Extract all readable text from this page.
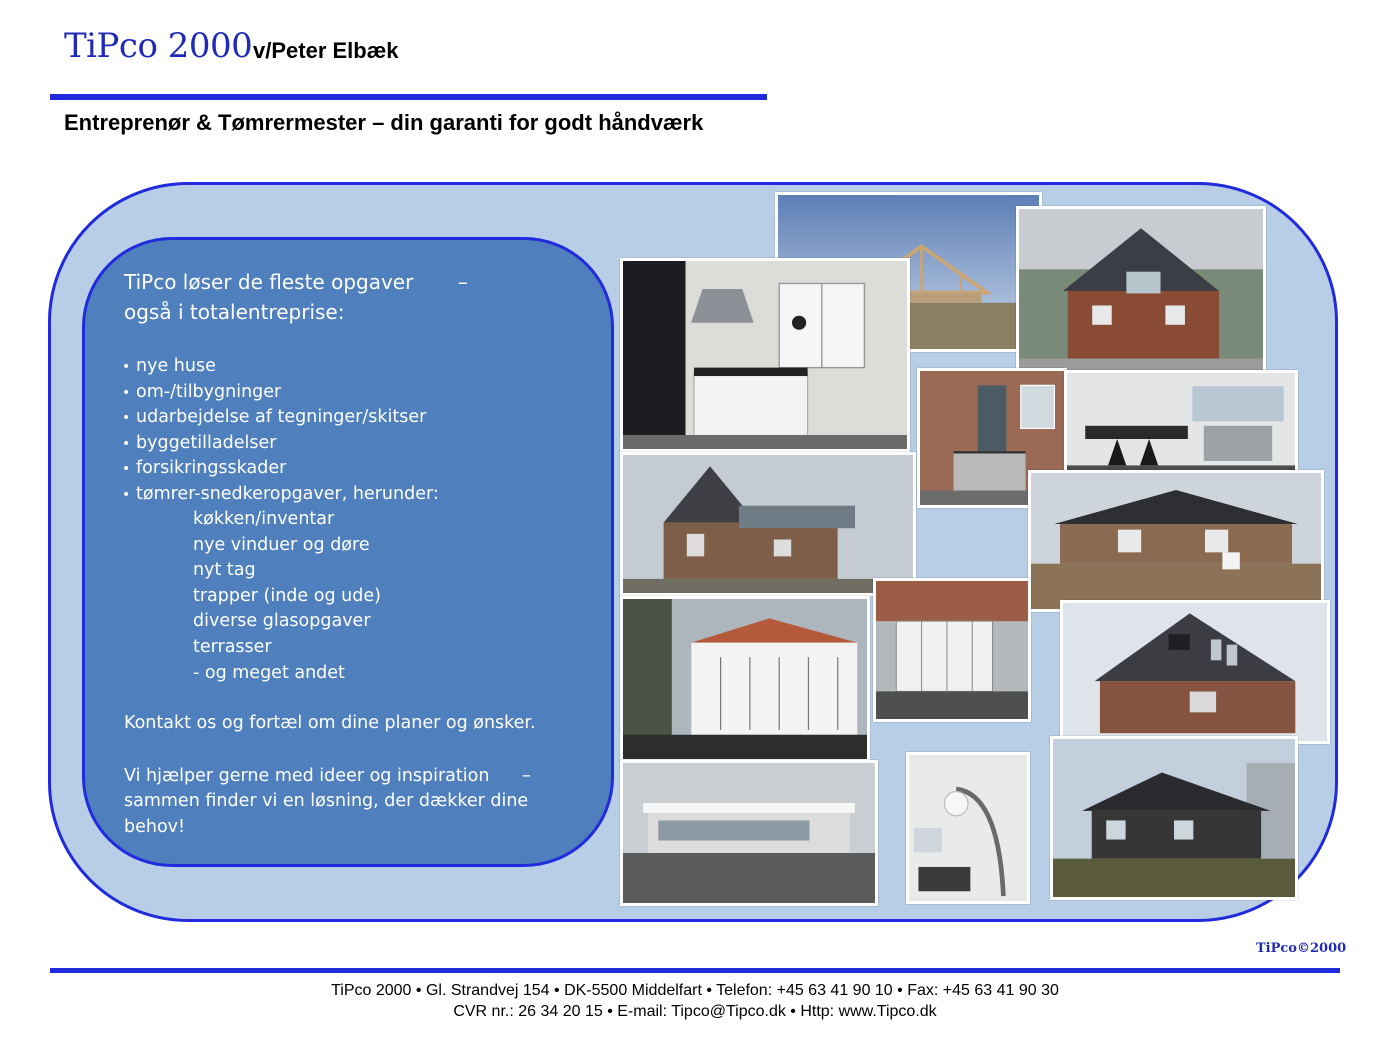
TiPco 2000 v/Peter Elbæk
Entreprenør & Tømrermester – din garanti for godt håndværk
TiPco løser de fleste opgaver –
også i totalentreprise:
• nye huse
• om-/tilbygninger
• udarbejdelse af tegninger/skitser
• byggetilladelser
• forsikringsskader
• tømrer-snedkeropgaver, herunder:
køkken/inventar
nye vinduer og døre
nyt tag
trapper (inde og ude)
diverse glasopgaver
terrasser
- og meget andet
Kontakt os og fortæl om dine planer og ønsker.
Vi hjælper gerne med ideer og inspiration –
sammen finder vi en løsning, der dækker dine
behov!
TiPco©2000
TiPco 2000 • Gl. Strandvej 154 • DK-5500 Middelfart • Telefon: +45 63 41 90 10 • Fax: +45 63 41 90 30
CVR nr.: 26 34 20 15 • E-mail: Tipco@Tipco.dk • Http: www.Tipco.dk
